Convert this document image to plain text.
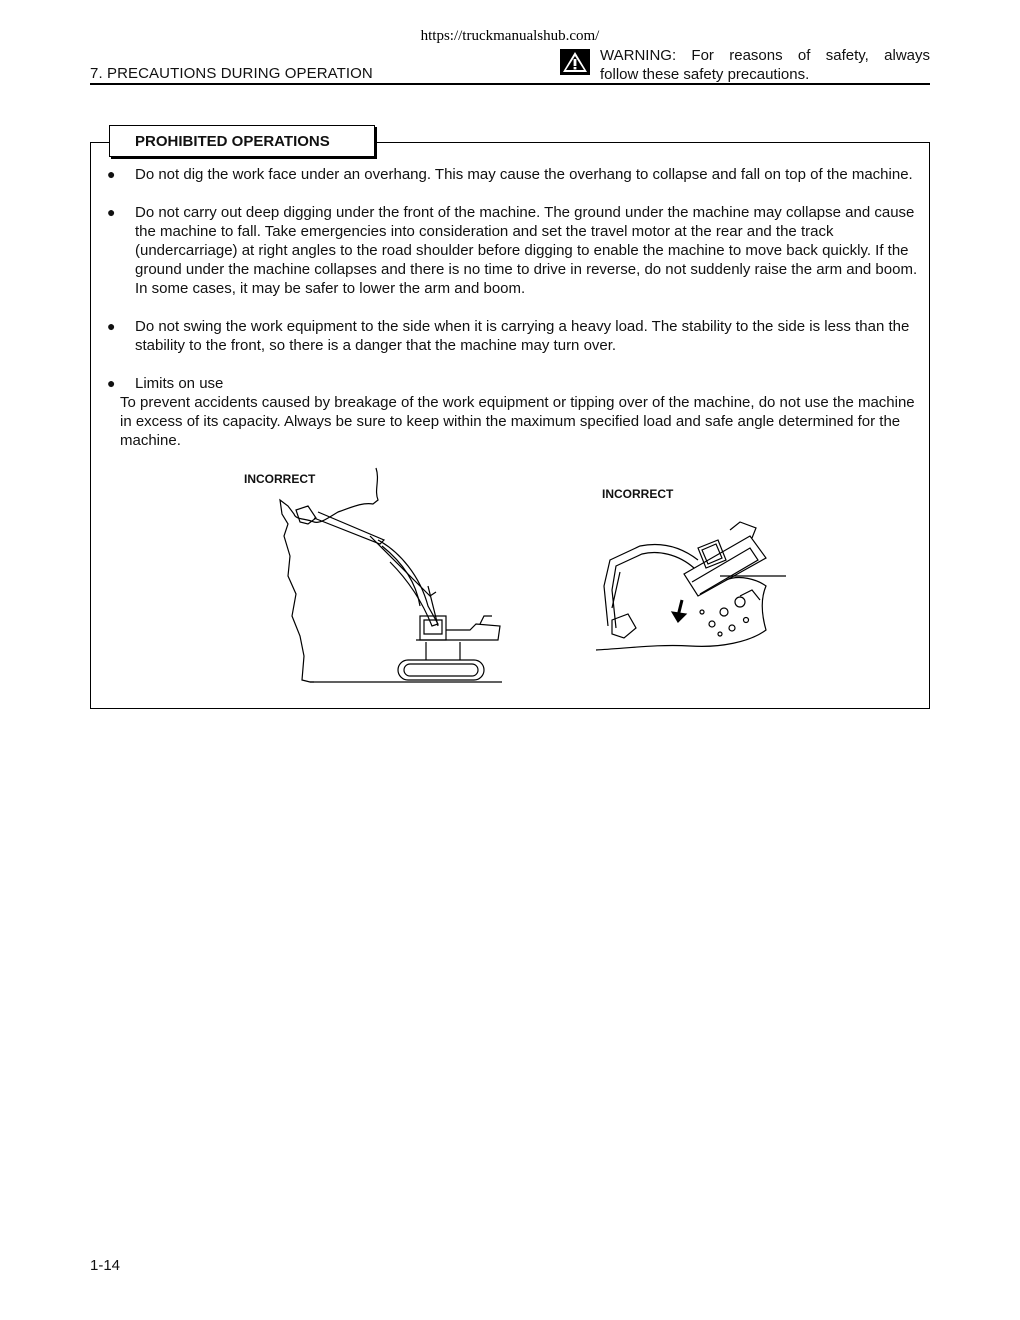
https://truckmanualshub.com/
7. PRECAUTIONS DURING OPERATION
WARNING: For reasons of safety, always
follow these safety precautions.
PROHIBITED OPERATIONS
● Do not dig the work face under an overhang. This may cause the overhang to collapse and fall on top of the machine.
● Do not carry out deep digging under the front of the machine. The ground under the machine may collapse and cause the machine to fall. Take emergencies into consideration and set the travel motor at the rear and the track (undercarriage) at right angles to the road shoulder before digging to enable the machine to move back quickly. If the ground under the machine collapses and there is no time to drive in reverse, do not suddenly raise the arm and boom. In some cases, it may be safer to lower the arm and boom.
● Do not swing the work equipment to the side when it is carrying a heavy load. The stability to the side is less than the stability to the front, so there is a danger that the machine may turn over.
● Limits on use
To prevent accidents caused by breakage of the work equipment or tipping over of the machine, do not use the machine in excess of its capacity. Always be sure to keep within the maximum specified load and safe angle determined for the machine.
INCORRECT
INCORRECT
1-14
